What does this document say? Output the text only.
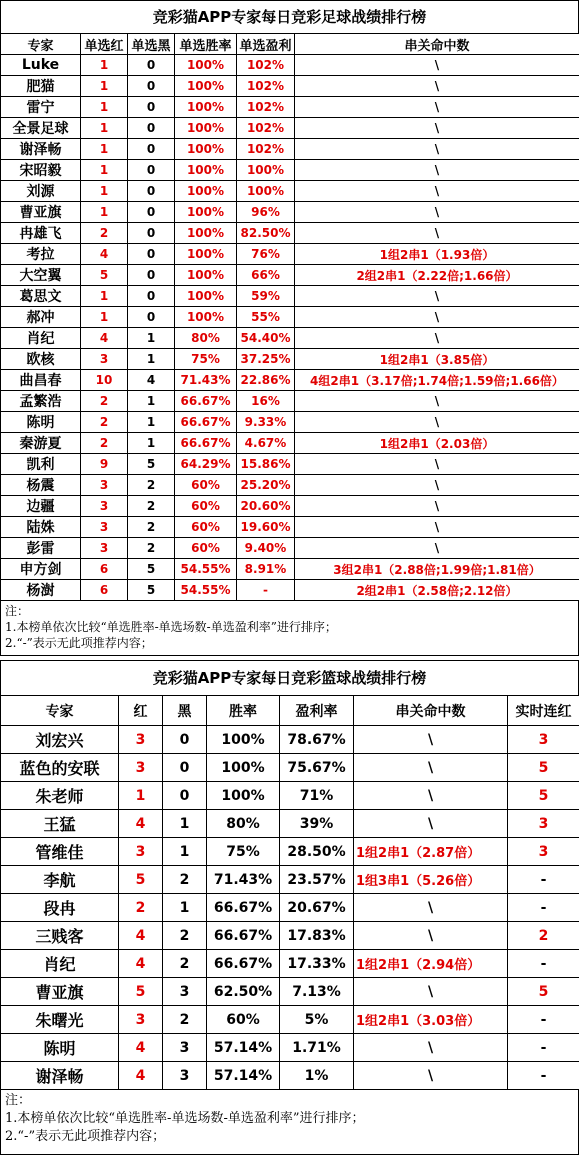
竞彩猫APP专家每日竞彩足球战绩排行榜
专家	单选红	单选黑	单选胜率	单选盈利	串关命中数
Luke	1	0	100%	102%	\
肥猫	1	0	100%	102%	\
雷宁	1	0	100%	102%	\
全景足球	1	0	100%	102%	\
谢泽畅	1	0	100%	102%	\
宋昭毅	1	0	100%	100%	\
刘源	1	0	100%	100%	\
曹亚旗	1	0	100%	96%	\
冉雄飞	2	0	100%	82.50%	\
考拉	4	0	100%	76%	1组2串1（1.93倍）
大空翼	5	0	100%	66%	2组2串1（2.22倍;1.66倍）
葛思文	1	0	100%	59%	\
郝冲	1	0	100%	55%	\
肖纪	4	1	80%	54.40%	\
欧核	3	1	75%	37.25%	1组2串1（3.85倍）
曲昌春	10	4	71.43%	22.86%	4组2串1（3.17倍;1.74倍;1.59倍;1.66倍）
孟繁浩	2	1	66.67%	16%	\
陈明	2	1	66.67%	9.33%	\
秦游夏	2	1	66.67%	4.67%	1组2串1（2.03倍）
凯利	9	5	64.29%	15.86%	\
杨震	3	2	60%	25.20%	\
边疆	3	2	60%	20.60%	\
陆姝	3	2	60%	19.60%	\
彭雷	3	2	60%	9.40%	\
申方剑	6	5	54.55%	8.91%	3组2串1（2.88倍;1.99倍;1.81倍）
杨澍	6	5	54.55%	-	2组2串1（2.58倍;2.12倍）
注：
1.本榜单依次比较“单选胜率-单选场数-单选盈利率”进行排序；
2.“-”表示无此项推荐内容；
竞彩猫APP专家每日竞彩篮球战绩排行榜
专家	红	黑	胜率	盈利率	串关命中数	实时连红
刘宏兴	3	0	100%	78.67%	\	3
蓝色的安联	3	0	100%	75.67%	\	5
朱老师	1	0	100%	71%	\	5
王猛	4	1	80%	39%	\	3
管维佳	3	1	75%	28.50%	1组2串1（2.87倍）	3
李航	5	2	71.43%	23.57%	1组3串1（5.26倍）	-
段冉	2	1	66.67%	20.67%	\	-
三贱客	4	2	66.67%	17.83%	\	2
肖纪	4	2	66.67%	17.33%	1组2串1（2.94倍）	-
曹亚旗	5	3	62.50%	7.13%	\	5
朱曙光	3	2	60%	5%	1组2串1（3.03倍）	-
陈明	4	3	57.14%	1.71%	\	-
谢泽畅	4	3	57.14%	1%	\	-
注：
1.本榜单依次比较“单选胜率-单选场数-单选盈利率”进行排序；
2.“-”表示无此项推荐内容；
